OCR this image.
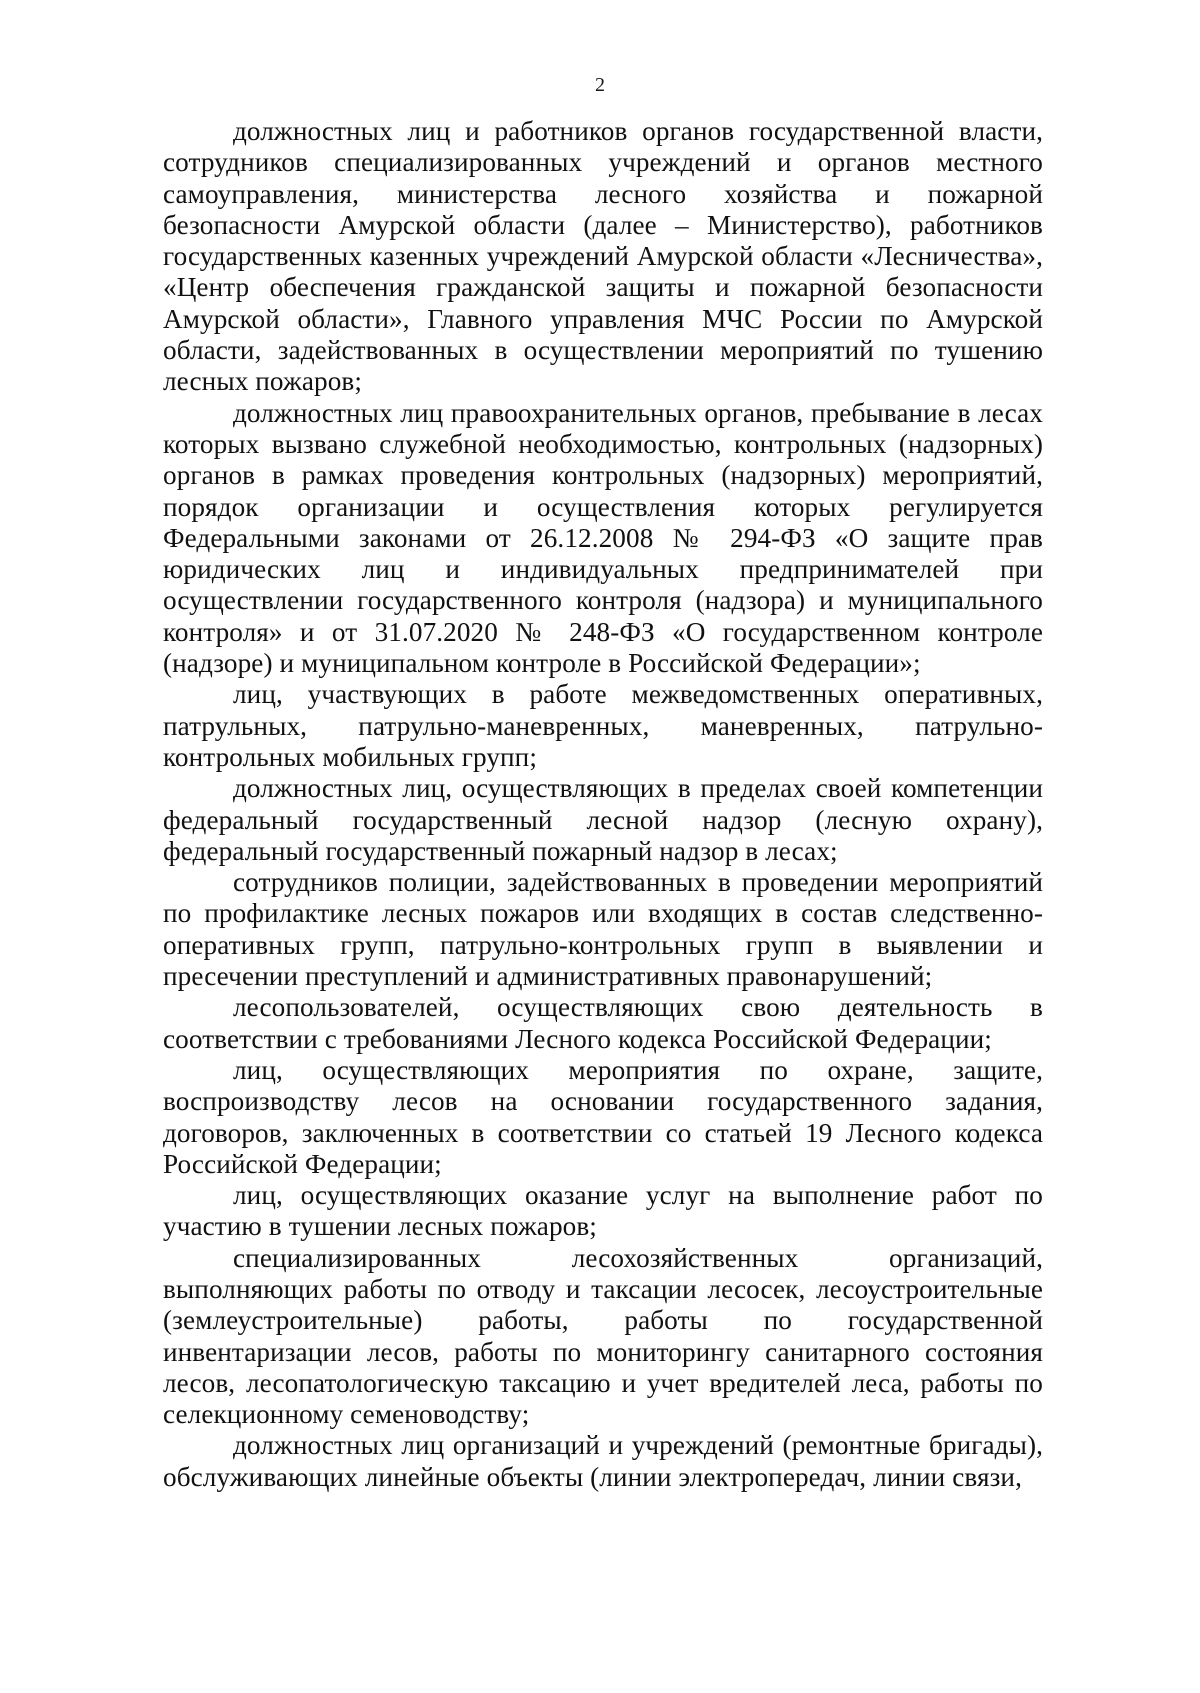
2

должностных лиц и работников органов государственной власти, сотрудников специализированных учреждений и органов местного самоуправления, министерства лесного хозяйства и пожарной безопасности Амурской области (далее – Министерство), работников государственных казенных учреждений Амурской области «Лесничества», «Центр обеспечения гражданской защиты и пожарной безопасности Амурской области», Главного управления МЧС России по Амурской области, задействованных в осуществлении мероприятий по тушению лесных пожаров;

должностных лиц правоохранительных органов, пребывание в лесах которых вызвано служебной необходимостью, контрольных (надзорных) органов в рамках проведения контрольных (надзорных) мероприятий, порядок организации и осуществления которых регулируется Федеральными законами от 26.12.2008 № 294-ФЗ «О защите прав юридических лиц и индивидуальных предпринимателей при осуществлении государственного контроля (надзора) и муниципального контроля» и от 31.07.2020 № 248-ФЗ «О государственном контроле (надзоре) и муниципальном контроле в Российской Федерации»;

лиц, участвующих в работе межведомственных оперативных, патрульных, патрульно-маневренных, маневренных, патрульно-контрольных мобильных групп;

должностных лиц, осуществляющих в пределах своей компетенции федеральный государственный лесной надзор (лесную охрану), федеральный государственный пожарный надзор в лесах;

сотрудников полиции, задействованных в проведении мероприятий по профилактике лесных пожаров или входящих в состав следственно-оперативных групп, патрульно-контрольных групп в выявлении и пресечении преступлений и административных правонарушений;

лесопользователей, осуществляющих свою деятельность в соответствии с требованиями Лесного кодекса Российской Федерации;

лиц, осуществляющих мероприятия по охране, защите, воспроизводству лесов на основании государственного задания, договоров, заключенных в соответствии со статьей 19 Лесного кодекса Российской Федерации;

лиц, осуществляющих оказание услуг на выполнение работ по участию в тушении лесных пожаров;

специализированных лесохозяйственных организаций, выполняющих работы по отводу и таксации лесосек, лесоустроительные (землеустроительные) работы, работы по государственной инвентаризации лесов, работы по мониторингу санитарного состояния лесов, лесопатологическую таксацию и учет вредителей леса, работы по селекционному семеноводству;

должностных лиц организаций и учреждений (ремонтные бригады), обслуживающих линейные объекты (линии электропередач, линии связи,
